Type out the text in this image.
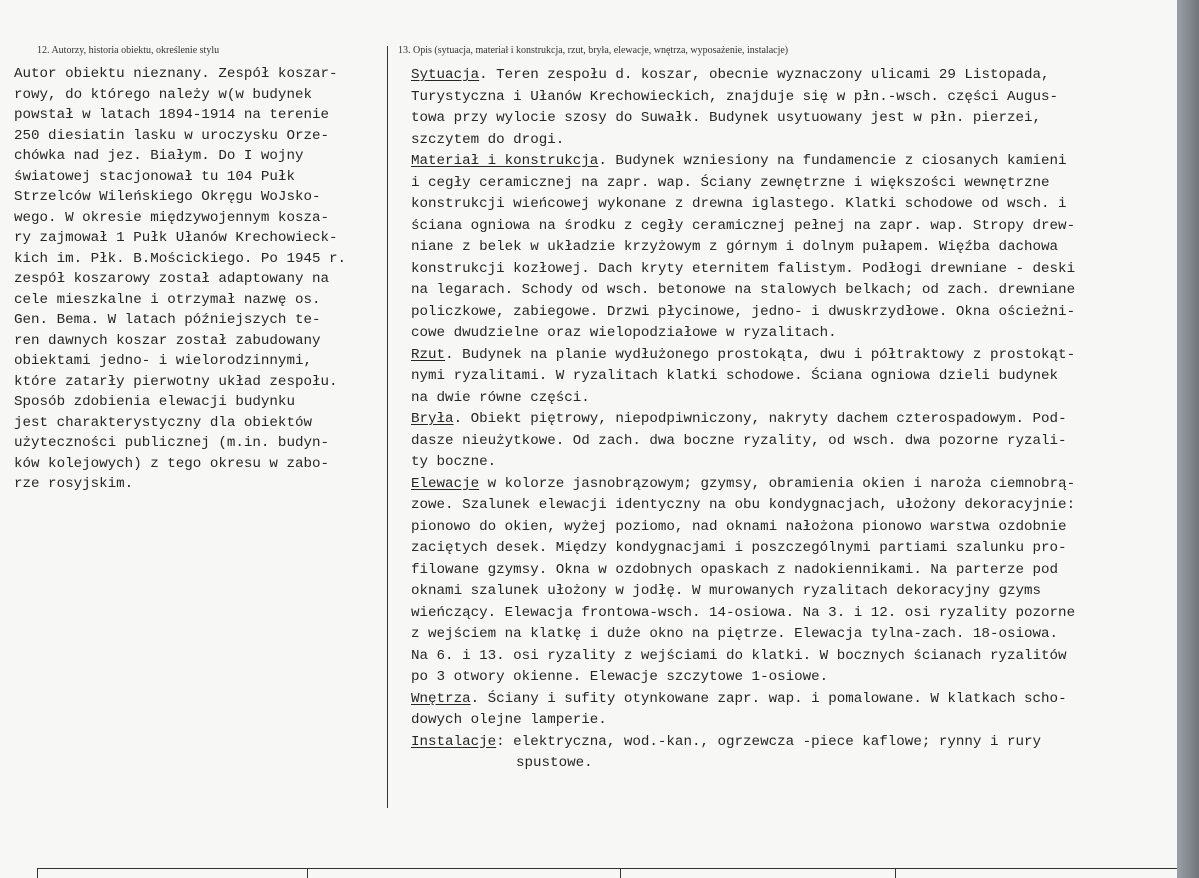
12. Autorzy, historia obiektu, określenie stylu	13. Opis (sytuacja, materiał i konstrukcja, rzut, bryła, elewacje, wnętrza, wyposażenie, instalacje)
Autor obiektu nieznany. Zespół koszar-
rowy, do którego należy w(w budynek
powstał w latach 1894-1914 na terenie
250 diesiatin lasku w uroczysku Orze-
chówka nad jez. Białym. Do I wojny
światowej stacjonował tu 104 Pułk
Strzelców Wileńskiego Okręgu WoJsko-
wego. W okresie międzywojennym kosza-
ry zajmował 1 Pułk Ułanów Krechowieck-
kich im. Płk. B.Mościckiego. Po 1945 r.
zespół koszarowy został adaptowany na
cele mieszkalne i otrzymał nazwę os.
Gen. Bema. W latach późniejszych te-
ren dawnych koszar został zabudowany
obiektami jedno- i wielorodzinnymi,
które zatarły pierwotny układ zespołu.
Sposób zdobienia elewacji budynku
jest charakterystyczny dla obiektów
użyteczności publicznej (m.in. budyn-
ków kolejowych) z tego okresu w zabo-
rze rosyjskim.
Sytuacja. Teren zespołu d. koszar, obecnie wyznaczony ulicami 29 Listopada,
Turystyczna i Ułanów Krechowieckich, znajduje się w płn.-wsch. części Augus-
towa przy wylocie szosy do Suwałk. Budynek usytuowany jest w płn. pierzei,
szczytem do drogi.
Materiał i konstrukcja. Budynek wzniesiony na fundamencie z ciosanych kamieni
i cegły ceramicznej na zapr. wap. Ściany zewnętrzne i większości wewnętrzne
konstrukcji wieńcowej wykonane z drewna iglastego. Klatki schodowe od wsch. i
ściana ogniowa na środku z cegły ceramicznej pełnej na zapr. wap. Stropy drew-
niane z belek w układzie krzyżowym z górnym i dolnym pułapem. Więźba dachowa
konstrukcji kozłowej. Dach kryty eternitem falistym. Podłogi drewniane - deski
na legarach. Schody od wsch. betonowe na stalowych belkach; od zach. drewniane
policzkowe, zabiegowe. Drzwi płycinowe, jedno- i dwuskrzydłowe. Okna ościeżni-
cowe dwudzielne oraz wielopodziałowe w ryzalitach.
Rzut. Budynek na planie wydłużonego prostokąta, dwu i półtraktowy z prostokąt-
nymi ryzalitami. W ryzalitach klatki schodowe. Ściana ogniowa dzieli budynek
na dwie równe części.
Bryła. Obiekt piętrowy, niepodpiwniczony, nakryty dachem czterospadowym. Pod-
dasze nieużytkowe. Od zach. dwa boczne ryzality, od wsch. dwa pozorne ryzali-
ty boczne.
Elewacje w kolorze jasnobrązowym; gzymsy, obramienia okien i naroża ciemnobrą-
zowe. Szalunek elewacji identyczny na obu kondygnacjach, ułożony dekoracyjnie:
pionowo do okien, wyżej poziomo, nad oknami nałożona pionowo warstwa ozdobnie
zaciętych desek. Między kondygnacjami i poszczególnymi partiami szalunku pro-
filowane gzymsy. Okna w ozdobnych opaskach z nadokiennikami. Na parterze pod
oknami szalunek ułożony w jodłę. W murowanych ryzalitach dekoracyjny gzyms
wieńczący. Elewacja frontowa-wsch. 14-osiowa. Na 3. i 12. osi ryzality pozorne
z wejściem na klatkę i duże okno na piętrze. Elewacja tylna-zach. 18-osiowa.
Na 6. i 13. osi ryzality z wejściami do klatki. W bocznych ścianach ryzalitów
po 3 otwory okienne. Elewacje szczytowe 1-osiowe.
Wnętrza. Ściany i sufity otynkowane zapr. wap. i pomalowane. W klatkach scho-
dowych olejne lamperie.
Instalacje: elektryczna, wod.-kan., ogrzewcza -piece kaflowe; rynny i rury
spustowe.
